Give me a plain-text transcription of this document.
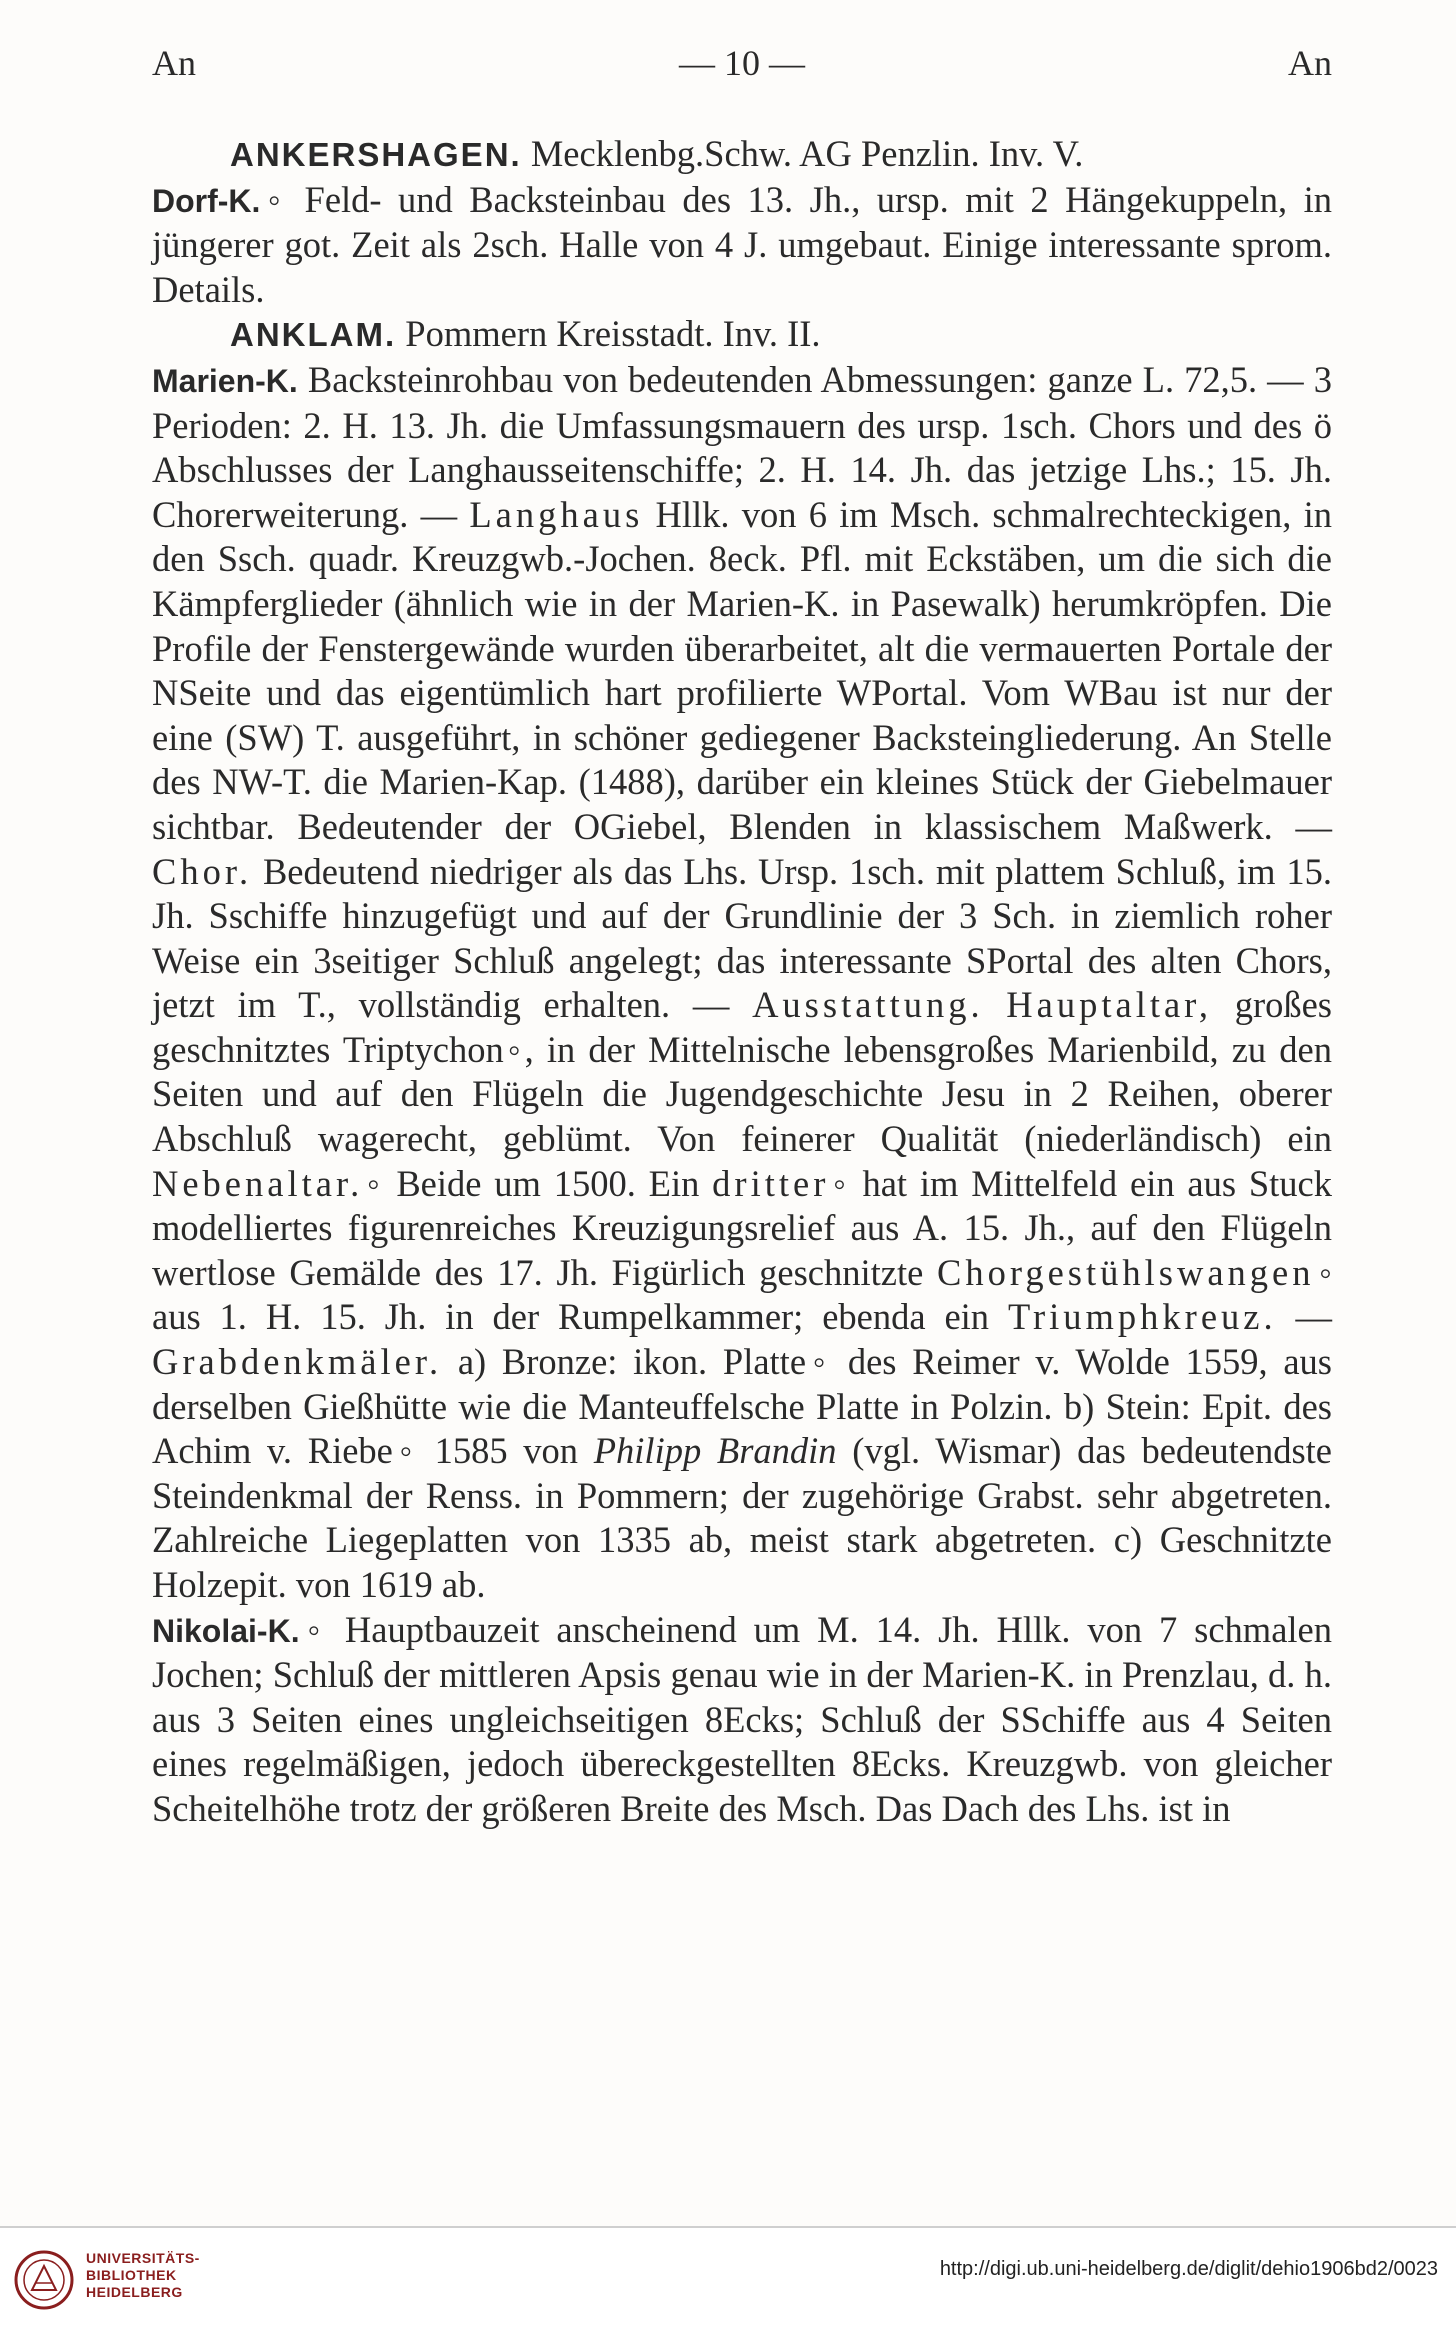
An	— 10 —	An

ANKERSHAGEN. Mecklenbg.Schw. AG Penzlin. Inv. V.

Dorf-K.◦ Feld- und Backsteinbau des 13. Jh., ursp. mit 2 Hängekuppeln, in jüngerer got. Zeit als 2sch. Halle von 4 J. umgebaut. Einige interessante sprom. Details.

ANKLAM. Pommern Kreisstadt. Inv. II.

Marien-K. Backsteinrohbau von bedeutenden Abmessungen: ganze L. 72,5. — 3 Perioden: 2. H. 13. Jh. die Umfassungsmauern des ursp. 1sch. Chors und des ö Abschlusses der Langhausseitenschiffe; 2. H. 14. Jh. das jetzige Lhs.; 15. Jh. Chorerweiterung. — Langhaus Hllk. von 6 im Msch. schmalrechteckigen, in den Ssch. quadr. Kreuzgwb.-Jochen. 8eck. Pfl. mit Eckstäben, um die sich die Kämpferglieder (ähnlich wie in der Marien-K. in Pasewalk) herumkröpfen. Die Profile der Fenstergewände wurden überarbeitet, alt die vermauerten Portale der NSeite und das eigentümlich hart profilierte WPortal. Vom WBau ist nur der eine (SW) T. ausgeführt, in schöner gediegener Backsteingliederung. An Stelle des NW-T. die Marien-Kap. (1488), darüber ein kleines Stück der Giebelmauer sichtbar. Bedeutender der OGiebel, Blenden in klassischem Maßwerk. — Chor. Bedeutend niedriger als das Lhs. Ursp. 1sch. mit plattem Schluß, im 15. Jh. Sschiffe hinzugefügt und auf der Grundlinie der 3 Sch. in ziemlich roher Weise ein 3seitiger Schluß angelegt; das interessante SPortal des alten Chors, jetzt im T., vollständig erhalten. — Ausstattung. Hauptaltar, großes geschnitztes Triptychon◦, in der Mittelnische lebensgroßes Marienbild, zu den Seiten und auf den Flügeln die Jugendgeschichte Jesu in 2 Reihen, oberer Abschluß wagerecht, geblümt. Von feinerer Qualität (niederländisch) ein Nebenaltar.◦ Beide um 1500. Ein dritter◦ hat im Mittelfeld ein aus Stuck modelliertes figurenreiches Kreuzigungsrelief aus A. 15. Jh., auf den Flügeln wertlose Gemälde des 17. Jh. Figürlich geschnitzte Chorgestühlswangen◦ aus 1. H. 15. Jh. in der Rumpelkammer; ebenda ein Triumphkreuz. — Grabdenkmäler. a) Bronze: ikon. Platte◦ des Reimer v. Wolde 1559, aus derselben Gießhütte wie die Manteuffelsche Platte in Polzin. b) Stein: Epit. des Achim v. Riebe◦ 1585 von Philipp Brandin (vgl. Wismar) das bedeutendste Steindenkmal der Renss. in Pommern; der zugehörige Grabst. sehr abgetreten. Zahlreiche Liegeplatten von 1335 ab, meist stark abgetreten. c) Geschnitzte Holzepit. von 1619 ab.

Nikolai-K.◦ Hauptbauzeit anscheinend um M. 14. Jh. Hllk. von 7 schmalen Jochen; Schluß der mittleren Apsis genau wie in der Marien-K. in Prenzlau, d. h. aus 3 Seiten eines ungleichseitigen 8Ecks; Schluß der SSchiffe aus 4 Seiten eines regelmäßigen, jedoch übereckgestellten 8Ecks. Kreuzgwb. von gleicher Scheitelhöhe trotz der größeren Breite des Msch. Das Dach des Lhs. ist in

UNIVERSITÄTS-
BIBLIOTHEK
HEIDELBERG
http://digi.ub.uni-heidelberg.de/diglit/dehio1906bd2/0023
